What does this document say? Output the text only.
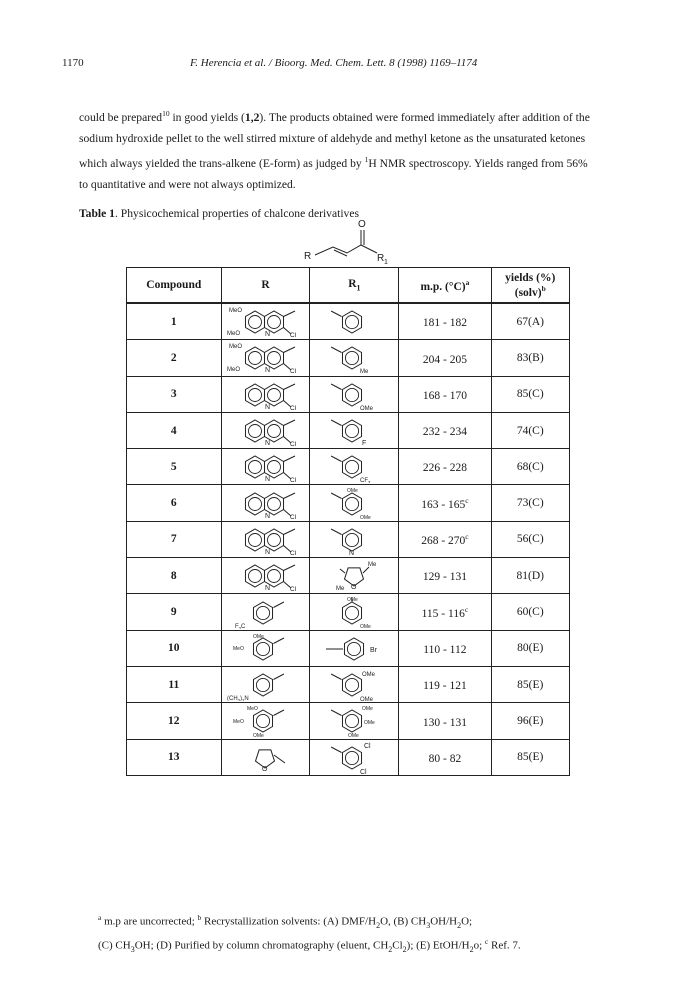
1170	F. Herencia et al. / Bioorg. Med. Chem. Lett. 8 (1998) 1169–1174

could be prepared$^{10}$ in good yields (1,2). The products obtained were formed immediately after addition of the

sodium hydroxide pellet to the well stirred mixture of aldehyde and methyl ketone as the unsaturated ketones

which always yielded the trans-alkene (E-form) as judged by $^1$H NMR spectroscopy. Yields ranged from 56%

to quantitative and were not always optimized.

Table 1. Physicochemical properties of chalcone derivatives
O
R	R 1
Compound	R	$R_1$	m.p. $(^\circ C)^a$	yields (%)
(solv)$^b$
1	N Cl
MeO
MeO		181 - 182	67(A)
2	N Cl
MeO
MeO	Me	204 - 205	83(B)
3	N Cl	OMe	168 - 170	85(C)
4	N Cl	F	232 - 234	74(C)
5	N Cl	$CF_3$	226 - 228	68(C)
6	N Cl	OMe
OMe	163 - 165$^c$	73(C)
7	N Cl	N	268 - 270$^c$	56(C)
8	N Cl	O
Me
Me	129 - 131	81(D)
9	$F_3C$	OMe
OMe	115 - 116$^c$	60(C)
10	OMe
MeO	Br	110 - 112	80(E)
11	$(CH_3)_2N$	OMe
OMe	119 - 121	85(E)
12	MeO
MeO
OMe	OMe
OMe
OMe	130 - 131	96(E)
13	O	Cl
Cl	80 - 82	85(E)

$^a$ m.p are uncorrected; $^b$ Recrystallization solvents: (A) DMF/$H_2O$, (B) $CH_3OH/H_2O$;

(C) $CH_3OH$; (D) Purified by column chromatography (eluent, $CH_2Cl_2$); (E) EtOH/$H_2o$; $^c$ Ref. 7.
